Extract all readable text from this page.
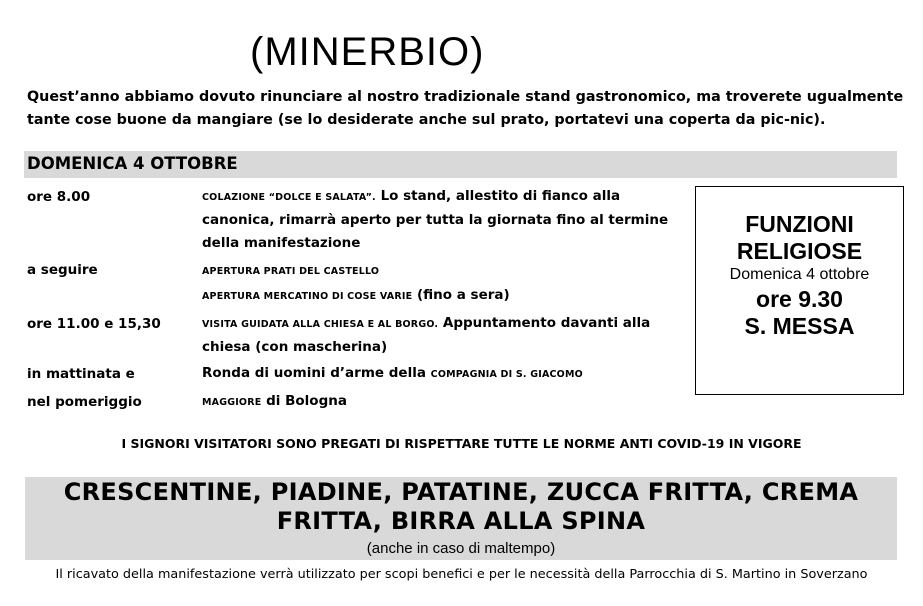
(MINERBIO)
Quest’anno abbiamo dovuto rinunciare al nostro tradizionale stand gastronomico, ma troverete ugualmente tante cose buone da mangiare (se lo desiderate anche sul prato, portatevi una coperta da pic-nic).
DOMENICA 4 OTTOBRE
ore 8.00	COLAZIONE “DOLCE E SALATA”. Lo stand, allestito di fianco alla canonica, rimarrà aperto per tutta la giornata fino al termine della manifestazione
a seguire	APERTURA PRATI DEL CASTELLO
APERTURA MERCATINO DI COSE VARIE (fino a sera)
ore 11.00 e 15,30	VISITA GUIDATA ALLA CHIESA E AL BORGO. Appuntamento davanti alla chiesa (con mascherina)
in mattinata e	Ronda di uomini d’arme della COMPAGNIA DI S. GIACOMO
nel pomeriggio	MAGGIORE di Bologna
FUNZIONI
RELIGIOSE
Domenica 4 ottobre
ore 9.30
S. MESSA
I SIGNORI VISITATORI SONO PREGATI DI RISPETTARE TUTTE LE NORME ANTI COVID-19 IN VIGORE
CRESCENTINE, PIADINE, PATATINE, ZUCCA FRITTA, CREMA
FRITTA, BIRRA ALLA SPINA
(anche in caso di maltempo)
Il ricavato della manifestazione verrà utilizzato per scopi benefici e per le necessità della Parrocchia di S. Martino in Soverzano
